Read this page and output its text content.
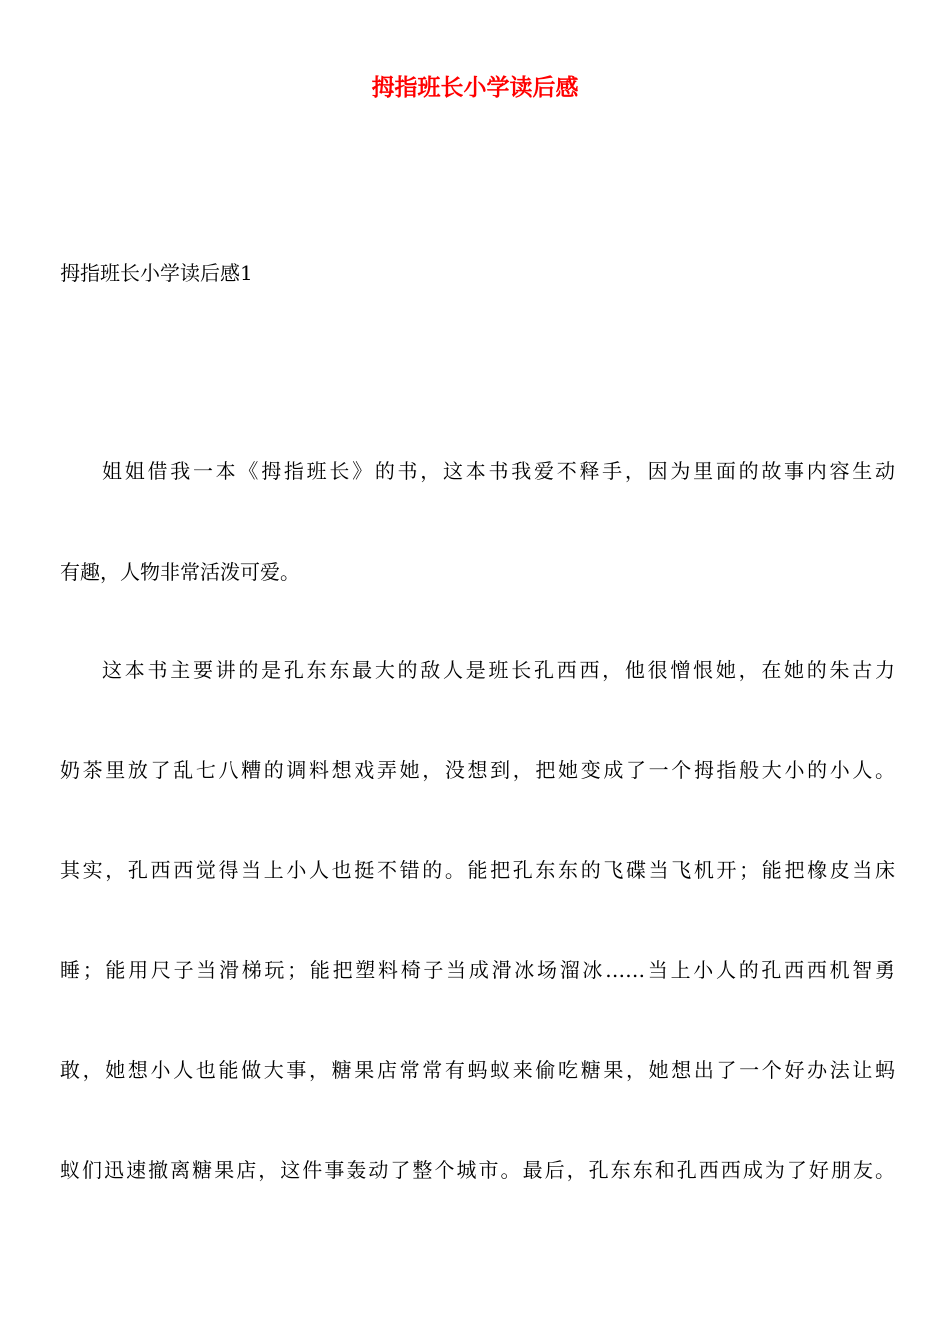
拇指班长小学读后感

拇指班长小学读后感1

姐姐借我一本《拇指班长》的书，这本书我爱不释手，因为里面的故事内容生动

有趣，人物非常活泼可爱。

这本书主要讲的是孔东东最大的敌人是班长孔西西，他很憎恨她，在她的朱古力

奶茶里放了乱七八糟的调料想戏弄她，没想到，把她变成了一个拇指般大小的小人。

其实，孔西西觉得当上小人也挺不错的。能把孔东东的飞碟当飞机开；能把橡皮当床

睡；能用尺子当滑梯玩；能把塑料椅子当成滑冰场溜冰……当上小人的孔西西机智勇

敢，她想小人也能做大事，糖果店常常有蚂蚁来偷吃糖果，她想出了一个好办法让蚂

蚁们迅速撤离糖果店，这件事轰动了整个城市。最后，孔东东和孔西西成为了好朋友。
